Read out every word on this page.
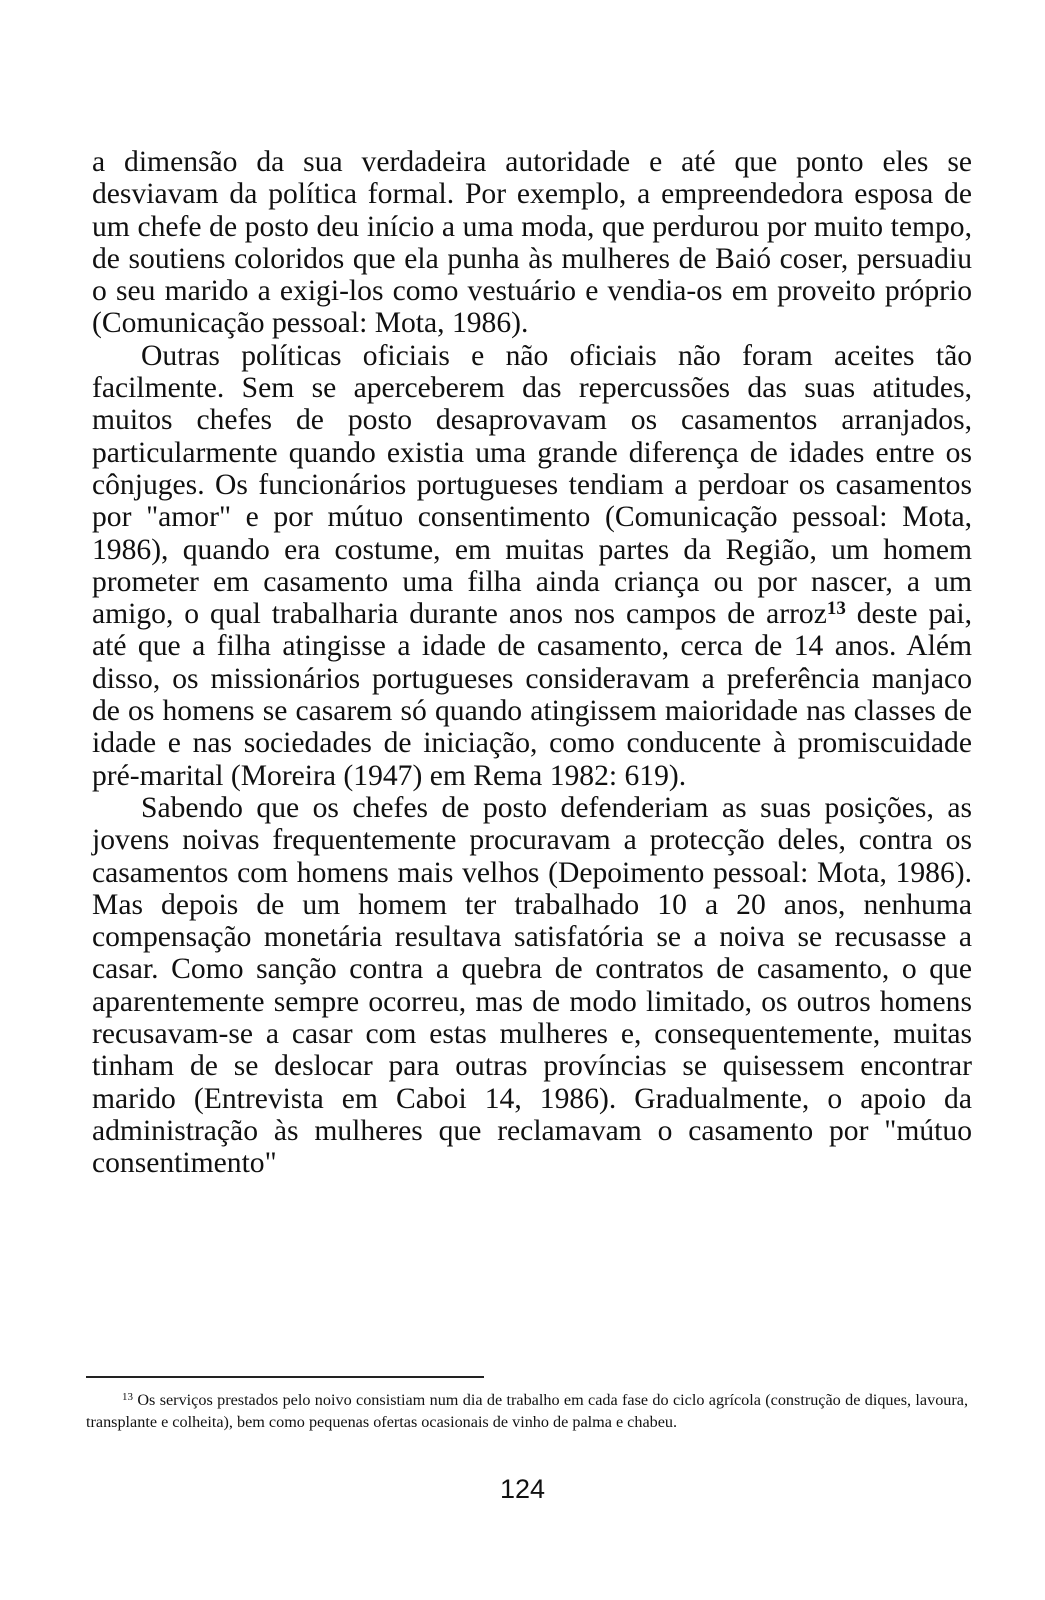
a dimensão da sua verdadeira autoridade e até que ponto eles se desviavam da política formal. Por exemplo, a empreendedora esposa de um chefe de posto deu início a uma moda, que perdurou por muito tempo, de soutiens coloridos que ela punha às mulheres de Baió coser, persuadiu o seu marido a exigi-los como vestuário e vendia-os em proveito próprio (Comunicação pessoal: Mota, 1986).

Outras políticas oficiais e não oficiais não foram aceites tão facilmente. Sem se aperceberem das repercussões das suas atitudes, muitos chefes de posto desaprovavam os casamentos arranjados, particularmente quando existia uma grande diferença de idades entre os cônjuges. Os funcionários portugueses tendiam a perdoar os casamentos por "amor" e por mútuo consentimento (Comunicação pessoal: Mota, 1986), quando era costume, em muitas partes da Região, um homem prometer em casamento uma filha ainda criança ou por nascer, a um amigo, o qual trabalharia durante anos nos campos de arroz$^{13}$ deste pai, até que a filha atingisse a idade de casamento, cerca de 14 anos. Além disso, os missionários portugueses consideravam a preferência manjaco de os homens se casarem só quando atingissem maioridade nas classes de idade e nas sociedades de iniciação, como conducente à promiscuidade pré-marital (Moreira (1947) em Rema 1982: 619).

Sabendo que os chefes de posto defenderiam as suas posições, as jovens noivas frequentemente procuravam a protecção deles, contra os casamentos com homens mais velhos (Depoimento pessoal: Mota, 1986). Mas depois de um homem ter trabalhado 10 a 20 anos, nenhuma compensação monetária resultava satisfatória se a noiva se recusasse a casar. Como sanção contra a quebra de contratos de casamento, o que aparentemente sempre ocorreu, mas de modo limitado, os outros homens recusavam-se a casar com estas mulheres e, consequentemente, muitas tinham de se deslocar para outras províncias se quisessem encontrar marido (Entrevista em Caboi 14, 1986). Gradualmente, o apoio da administração às mulheres que reclamavam o casamento por "mútuo consentimento"

$^{13}$ Os serviços prestados pelo noivo consistiam num dia de trabalho em cada fase do ciclo agrícola (construção de diques, lavoura, transplante e colheita), bem como pequenas ofertas ocasionais de vinho de palma e chabeu.
124
